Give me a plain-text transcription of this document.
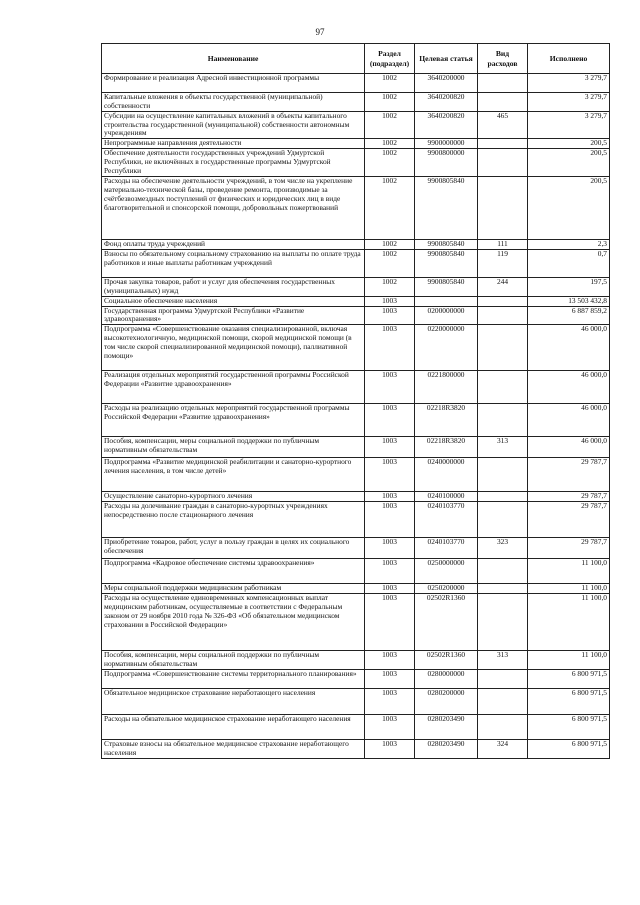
97
Наименование	Раздел (подраздел)	Целевая статья	Вид расходов	Исполнено
Формирование и реализация Адресной инвестиционной программы	1002	3640200000		3 279,7
Капитальные вложения в объекты государственной (муниципальной) собственности	1002	3640200820		3 279,7
Субсидии на осуществление капитальных вложений в объекты капитального строительства государственной (муниципальной) собственности автономным учреждениям	1002	3640200820	465	3 279,7
Непрограммные направления деятельности	1002	9900000000		200,5
Обеспечение деятельности государственных учреждений Удмуртской Республики, не включённых в государственные программы Удмуртской Республики	1002	9900800000		200,5
Расходы на обеспечение деятельности учреждений, в том числе на укрепление материально-технической базы, проведение ремонта, производимые за счётбезвозмездных поступлений от физических и юридических лиц в виде благотворительной и спонсорской помощи, добровольных пожертвований	1002	9900805840		200,5
Фонд оплаты труда учреждений	1002	9900805840	111	2,3
Взносы по обязательному социальному страхованию на выплаты по оплате труда работников и иные выплаты работникам учреждений	1002	9900805840	119	0,7
Прочая закупка товаров, работ и услуг для обеспечения государственных (муниципальных) нужд	1002	9900805840	244	197,5
Социальное обеспечение населения	1003			13 503 432,8
Государственная программа Удмуртской Республики «Развитие здравоохранения»	1003	0200000000		6 887 859,2
Подпрограмма «Совершенствование оказания специализированной, включая высокотехнологичную, медицинской помощи, скорой медицинской помощи (в том числе скорой специализированной медицинской помощи), паллиативной помощи»	1003	0220000000		46 000,0
Реализация отдельных мероприятий государственной программы Российской Федерации «Развитие здравоохранения»	1003	0221800000		46 000,0
Расходы на реализацию отдельных мероприятий государственной программы Российской Федерации «Развитие здравоохранения»	1003	02218R3820		46 000,0
Пособия, компенсации, меры социальной поддержки по публичным нормативным обязательствам	1003	02218R3820	313	46 000,0
Подпрограмма «Развитие медицинской реабилитации и санаторно-курортного лечения населения, в том числе детей»	1003	0240000000		29 787,7
Осуществление санаторно-курортного лечения	1003	0240100000		29 787,7
Расходы на долечивание граждан в санаторно-курортных учреждениях непосредственно после стационарного лечения	1003	0240103770		29 787,7
Приобретение товаров, работ, услуг в пользу граждан в целях их социального обеспечения	1003	0240103770	323	29 787,7
Подпрограмма «Кадровое обеспечение системы здравоохранения»	1003	0250000000		11 100,0
Меры социальной поддержки медицинским работникам	1003	0250200000		11 100,0
Расходы на осуществление единовременных компенсационных выплат медицинским работникам, осуществляемые в соответствии с Федеральным законом от 29 ноября 2010 года № 326-ФЗ «Об обязательном медицинском страховании в Российской Федерации»	1003	02502R1360		11 100,0
Пособия, компенсации, меры социальной поддержки по публичным нормативным обязательствам	1003	02502R1360	313	11 100,0
Подпрограмма «Совершенствование системы территориального планирования»	1003	0280000000		6 800 971,5
Обязательное медицинское страхование неработающего населения	1003	0280200000		6 800 971,5
Расходы на обязательное медицинское страхование неработающего населения	1003	0280203490		6 800 971,5
Страховые взносы на обязательное медицинское страхование неработающего населения	1003	0280203490	324	6 800 971,5
